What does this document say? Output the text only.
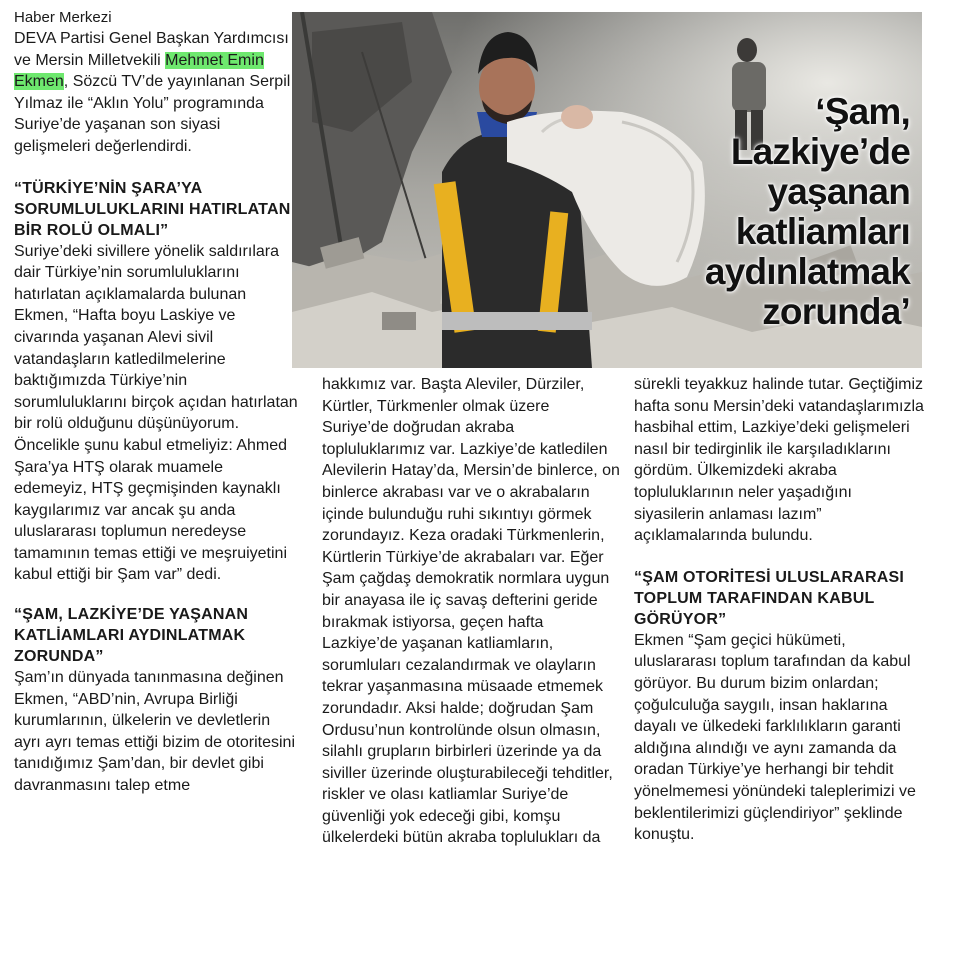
Haber Merkezi

DEVA Partisi Genel Başkan Yardımcısı ve Mersin Milletvekili Mehmet Emin Ekmen, Sözcü TV’de yayınlanan Serpil Yılmaz ile “Aklın Yolu” programında Suriye’de yaşanan son siyasi gelişmeleri değerlendirdi.

“TÜRKİYE’NİN ŞARA’YA SORUMLULUKLARINI HATIRLATAN BİR ROLÜ OLMALI”

Suriye’deki sivillere yönelik saldırılara dair Türkiye’nin sorumluluklarını hatırlatan açıklamalarda bulunan Ekmen, “Hafta boyu Laskiye ve civarında yaşanan Alevi sivil vatandaşların katledilmelerine baktığımızda Türkiye’nin sorumluluklarını birçok açıdan hatırlatan bir rolü olduğunu düşünüyorum. Öncelikle şunu kabul etmeliyiz: Ahmed Şara’ya HTŞ olarak muamele edemeyiz, HTŞ geçmişinden kaynaklı kaygılarımız var ancak şu anda uluslararası toplumun neredeyse tamamının temas ettiği ve meşruiyetini kabul ettiği bir Şam var” dedi.

“ŞAM, LAZKİYE’DE YAŞANAN KATLİAMLARI AYDINLATMAK ZORUNDA”

Şam’ın dünyada tanınmasına değinen Ekmen, “ABD’nin, Avrupa Birliği kurumlarının, ülkelerin ve devletlerin ayrı ayrı temas ettiği bizim de otoritesini tanıdığımız Şam’dan, bir devlet gibi davranmasını talep etme

‘Şam,
Lazkiye’de
yaşanan
katliamları
aydınlatmak
zorunda’

hakkımız var. Başta Aleviler, Dürziler, Kürtler, Türkmenler olmak üzere Suriye’de doğrudan akraba topluluklarımız var. Lazkiye’de katledilen Alevilerin Hatay’da, Mersin’de binlerce, on binlerce akrabası var ve o akrabaların içinde bulunduğu ruhi sıkıntıyı görmek zorundayız. Keza oradaki Türkmenlerin, Kürtlerin Türkiye’de akrabaları var. Eğer Şam çağdaş demokratik normlara uygun bir anayasa ile iç savaş defterini geride bırakmak istiyorsa, geçen hafta Lazkiye’de yaşanan katliamların, sorumluları cezalandırmak ve olayların tekrar yaşanmasına müsaade etmemek zorundadır. Aksi halde; doğrudan Şam Ordusu’nun kontrolünde olsun olmasın, silahlı grupların birbirleri üzerinde ya da siviller üzerinde oluşturabileceği tehditler, riskler ve olası katliamlar Suriye’de güvenliği yok edeceği gibi, komşu ülkelerdeki bütün akraba toplulukları da

sürekli teyakkuz halinde tutar. Geçtiğimiz hafta sonu Mersin’deki vatandaşlarımızla hasbihal ettim, Lazkiye’deki gelişmeleri nasıl bir tedirginlik ile karşıladıklarını gördüm. Ülkemizdeki akraba topluluklarının neler yaşadığını siyasilerin anlaması lazım” açıklamalarında bulundu.

“ŞAM OTORİTESİ ULUSLARARASI TOPLUM TARAFINDAN KABUL GÖRÜYOR”

Ekmen “Şam geçici hükümeti, uluslararası toplum tarafından da kabul görüyor. Bu durum bizim onlardan; çoğulculuğa saygılı, insan haklarına dayalı ve ülkedeki farklılıkların garanti aldığına alındığı ve aynı zamanda da oradan Türkiye’ye herhangi bir tehdit yönelmemesi yönündeki taleplerimizi ve beklentilerimizi güçlendiriyor” şeklinde konuştu.
